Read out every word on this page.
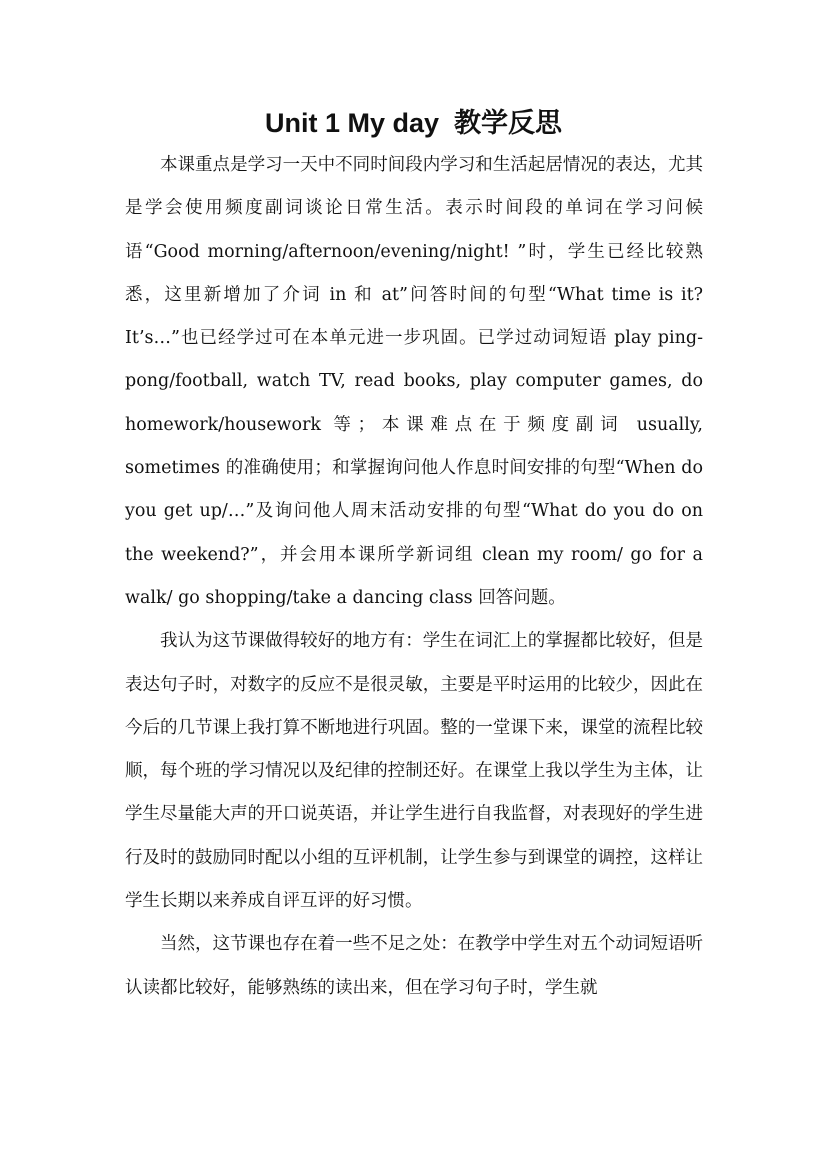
Unit 1 My day  教学反思

本课重点是学习一天中不同时间段内学习和生活起居情况的表达，尤其是学会使用频度副词谈论日常生活。表示时间段的单词在学习问候语“Good morning/afternoon/evening/night! ”时，学生已经比较熟悉，这里新增加了介词 in 和 at”问答时间的句型“What time is it? It’s…”也已经学过可在本单元进一步巩固。已学过动词短语 play ping-pong/football, watch TV, read books, play computer games, do homework/housework 等；本课难点在于频度副词 usually, sometimes 的准确使用；和掌握询问他人作息时间安排的句型“When do you get up/…”及询问他人周末活动安排的句型“What do you do on the weekend?”，并会用本课所学新词组 clean my room/ go for a walk/ go shopping/take a dancing class 回答问题。

我认为这节课做得较好的地方有：学生在词汇上的掌握都比较好，但是表达句子时，对数字的反应不是很灵敏，主要是平时运用的比较少，因此在今后的几节课上我打算不断地进行巩固。整的一堂课下来，课堂的流程比较顺，每个班的学习情况以及纪律的控制还好。在课堂上我以学生为主体，让学生尽量能大声的开口说英语，并让学生进行自我监督，对表现好的学生进行及时的鼓励同时配以小组的互评机制，让学生参与到课堂的调控，这样让学生长期以来养成自评互评的好习惯。

当然，这节课也存在着一些不足之处：在教学中学生对五个动词短语听认读都比较好，能够熟练的读出来，但在学习句子时，学生就
